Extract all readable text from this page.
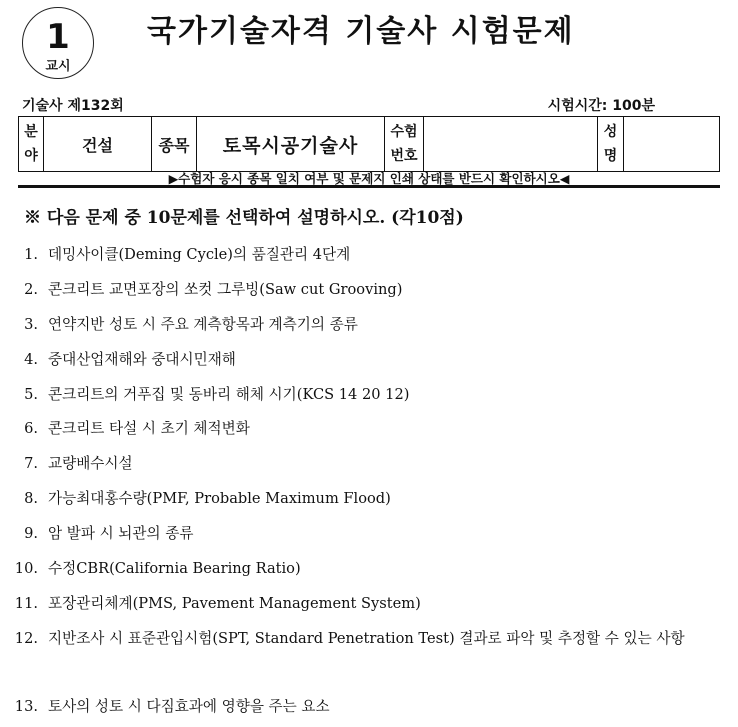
1
교시
국가기술자격 기술사 시험문제
기술사 제132회	시험시간: 100분
분야	건설	종목	토목시공기술사	수험번호		성명	
▶수험자 응시 종목 일치 여부 및 문제지 인쇄 상태를 반드시 확인하시오◀
※ 다음 문제 중 10문제를 선택하여 설명하시오. (각10점)
1. 데밍사이클(Deming Cycle)의 품질관리 4단계
2. 콘크리트 교면포장의 쏘컷 그루빙(Saw cut Grooving)
3. 연약지반 성토 시 주요 계측항목과 계측기의 종류
4. 중대산업재해와 중대시민재해
5. 콘크리트의 거푸집 및 동바리 해체 시기(KCS 14 20 12)
6. 콘크리트 타설 시 초기 체적변화
7. 교량배수시설
8. 가능최대홍수량(PMF, Probable Maximum Flood)
9. 암 발파 시 뇌관의 종류
10. 수정CBR(California Bearing Ratio)
11. 포장관리체계(PMS, Pavement Management System)
12. 지반조사 시 표준관입시험(SPT, Standard Penetration Test) 결과로 파악 및 추정할 수 있는 사항
13. 토사의 성토 시 다짐효과에 영향을 주는 요소
